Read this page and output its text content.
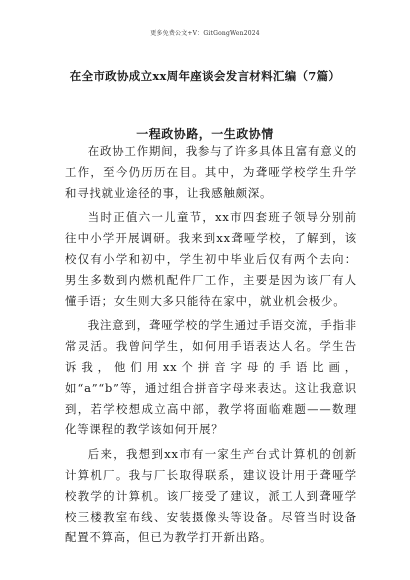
更多免费公文+V：GitGongWen2024
在全市政协成立xx周年座谈会发言材料汇编（7篇）
一程政协路，一生政协情

在政协工作期间，我参与了许多具体且富有意义的工作，至今仍历历在目。其中，为聋哑学校学生升学和寻找就业途径的事，让我感触颇深。

当时正值六一儿童节，xx市四套班子领导分别前往中小学开展调研。我来到xx聋哑学校，了解到，该校仅有小学和初中，学生初中毕业后仅有两个去向：男生多数到内燃机配件厂工作，主要是因为该厂有人懂手语；女生则大多只能待在家中，就业机会极少。

我注意到，聋哑学校的学生通过手语交流，手指非常灵活。我曾问学生，如何用手语表达人名。学生告诉我，他们用xx个拼音字母的手语比画，如“a”“b”等，通过组合拼音字母来表达。这让我意识到，若学校想成立高中部，教学将面临难题——数理化等课程的教学该如何开展？

后来，我想到xx市有一家生产台式计算机的创新计算机厂。我与厂长取得联系，建议设计用于聋哑学校教学的计算机。该厂接受了建议，派工人到聋哑学校三楼教室布线、安装摄像头等设备。尽管当时设备配置不算高，但已为教学打开新出路。
